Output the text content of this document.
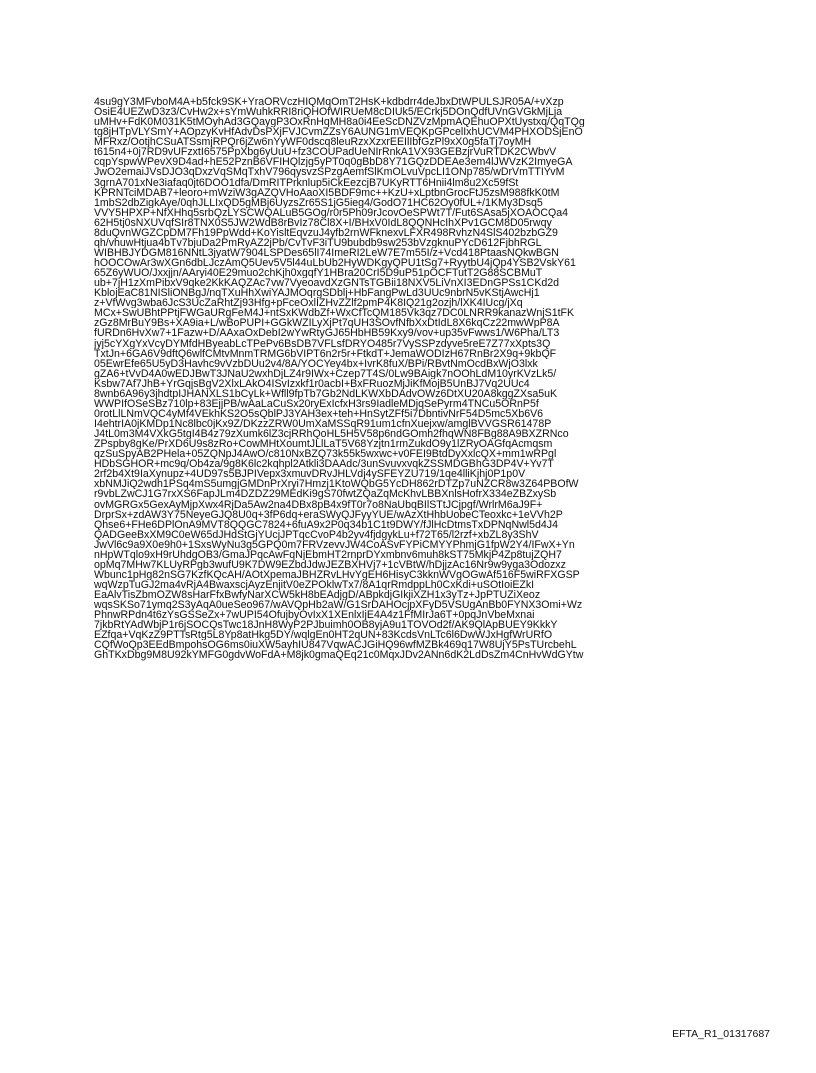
4su9gY3MFvboM4A+b5fck9SK+YraORVczHIQMqOmT2HsK+kdbdrr4deJbxDtWPULSJR05A/+vXzp
OsiE4UEZwD3z3/CvHw2x+sYmWuhkRRI8riQHOfWIRUeM8cDIUk5/ECrkj5DOnQdfUVnGVGkMjLja
uMHv+FdK0M031K5tMOyhAd3GQaygP3OxRnHqMH8a0i4EeScDNZVzMpmAQEhuOPXtUystxq/QqTQg
tg8jHTpVLYSmY+AOpzyKvHfAdvDsPXjFVJCvmZZsY6AUNG1mVEQKpGPcelIxhUCVM4PHXODSjEnO
MFRxz/OotjhCSuATSsmjRPQr6jZw6nYyWF0dscq8leuRzxXzxrEEIlIbfGzPl9xX0g5faTj7oyMH
t615n4+0j7RD9vUFzxtI6575PpXbg6yUuU+fz3COUPadUeNIrRnkA1VX93GEBzjrVuRTDK2CWbvV
cqpYspwWPevX9D4ad+hE52PznB6VFIHQlzjg5yPT0q0gBbD8Y71GQzDDEAe3em4lJWVzK2ImyeGA
JwO2emaiJVsDJO3qDxzVqSMqTxhV796qysvzSPzgAemfSlKmOLvuVpcLI1ONp785/wDrVmTTIYvM
3grnA701xNe3iafaq0jt6DOO1dfa/DmRITPrknlup5iCkEezcjB7UKyRTT6Hnii4lm8u2Xc59fSt
KPRNTciMDAB7+leoro+mWziW3gAZQVHoAaoXI5BDF9mc++KzU+xLptbnGrocFtJ5zsM988fkK0tM
1mbS2dbZigkAye/0qhJLLIxQD5gMBj6UyzsZr65S1jG5ieg4/GodO71HC62Oy0fUL+/1KMy3Dsq5
VVY5HPXP+NfXHhq5srbQzLYSCWQALuB5GOg/r0r5Ph09rJcovOeSPWt7T/Fut6SAsa5jXOAOCQa4
62H5tj0sNXUVqfSIr8TNX0S5JW2WdB8rBvIz78Cl8X+I/BHxV0IdL8QQNHcIhXPv1GCM8D05rwqy
8duQvnWGZCpDM7Fh19PpWdd+KoYisltEqvzuJ4yfb2rnWFknexvLFXR498RvhzN4SlS402bzbGZ9
qh/vhuwHtjua4bTv7bjuDa2PmRyAZ2jPb/CvTvF3iTU9bubdb9sw253bVzgknuPYcD612FjbhRGL
WIBHBJYDGM816NNtL3jyatW7904LSPDes65lI74ImeRI2LeW7E7m55I/z+Vcd418PtaasNQkwBGN
hOOCOwAr3wXGn6dbLJczAmQ5Uev5V5l44uLbUb2HyWDKgyQPU1tSg7+RyytbU4jQp4YSB2VskY61
65Z6yWUO/Jxxjjn/AAryi40E29muo2chKjh0xgqfY1HBra20CrI5D9uP51pOCFTutT2G88SCBMuT
ub+7jH1zXmPibxV9qke2KkKAQZAc7vw7VyeoavdXzGNTsTGBii18NXV5LiVnXI3EDnGPSs1CKd2d
KblojEaC81NISliONBgJ/nqTXuHhXwiYAJMOqrgSDblj+HbFangPwLd3UUc9nbrN5vKStjAwcHj1
z+VfWvg3wba6JcS3UcZaRhtZj93Hfg+pFceOxlIZHvZZlf2pmP4K8IQ21g2ozjh/lXK4IUcg/jXq
MCx+SwUBhtPPtjFWGaURgFeM4J+ntSxKWdbZf+WxCfTcQM185Vk3qz7DC0LNRR9kanazWnjS1tFK
zGz8MrBuY9Bs+XA9ia+L/wBoPUPI+GGkWZILyXjPt7qUH3SOvfNfbXxDtIdL8X6kqCz22mwWpP8A
fURDn6HvXw7+1Fazw+D/AAxaOxDebI2wYwRtyGJ65HbHB59Kxy9/vov+up35vFwws1/W6Pha/LT3
jyj5cYXgYxVcyDYMfdHByeabLcTPePv6BsDB7VFLsfDRYO485r7VySSPzdyve5reE7Z77xXpts3Q
TxtJn+6GA6V9dftQ6wlfCMtvMnmTRMG6bVIPT6n2r5r+FtkdT+JemaWODIzH67RnBr2X9q+9kbQF
05EwrEfe65U5yD3Havhc9vVzbDUu2v4/8A/YOCYey4bx+IvrK8fuX/BPi/RBvtNmOcdBxWjO3lxk
gZA6+tVvD4A0wEDJBwT3JNaU2wxhDjLZ4r9IWx+Czep7T4S/0Lw9BAigk7nOOhLdM10yrKVzLk5/
Ksbw7Af7JhB+YrGqjsBgV2XlxLAkO4ISvIzxkf1r0acbI+BxFRuozMjJiKfMojB5UnBJ7Vq2UUc4
8wnb6A96y3jhdtpIJHANXLS1bCyLk+Wfll9fpTb7Gb2NdLKWXbDAdvOWz6DtXU20A8kggZXsa5uK
WWPIfOSeSBz710lp+83EjjPB/wAaLaCuSx20ryExIcfxH3rs9IadleMDjqSePyrm4TNCu5ORnP5f
0rotLlLNmVQC4yMf4VEkhKS2O5sQblPJ3YAH3ex+teh+HnSytZFf5i7DbntivNrF54D5mc5Xb6V6
I4ehtrIA0jKMDp1Nc8lbc0jKx9Z/DKzzZRW0UmXaMSSqR91um1cfnXuejxw/amglBVVGSR61478P
J4tL0m3M4VXkG5tgI4B4z79zXumk6lZ3cjRRhQoHL5H5V58p6ndGOmh2fhqWN8FBg88A9BXZRNco
ZPspby8gKe/PrXD6U9s8zRo+CowMHtXoumtJLlLaT5V68Yzjtn1rmZukdO9y1lZRyOAGfqAcmqsm
qzSuSpyAB2PHela+05ZQNpJ4AwO/c810NxBZQ73k55k5wxwc+v0FEI9BtdDyXxlcQX+mm1wRPgl
HDbSGHOR+mc9q/Ob4za/9g8K6lc2kqhpl2Atkli3DAAdc/3unSvuvxvqkZSSMDGBhG3DP4V+Yv7T
2rf2b4Xt9IaXynupz+4UD97s5BJPIVepx3xmuvDRvJHLVdj4ySFEYZU719/1qe4lliKjhj0P1p0V
xbNMJiQ2wdh1PSq4mS5umgjGMDnPrXryi7Hmzj1KtoWQbG5YcDH862rDTZp7uNZCR8w3Z64PBOfW
r9vbLZwCJ1G7rxXS6FapJLm4DZDZ29MEdKi9gS70fwtZQaZqMcKhvLBBXnlsHofrX334eZBZxySb
ovMGRGx5GexAyMjpXwx4RjDa5Aw2na4DBx8pB4x9fT0r7o8NaUbqBIlSTtJCjpgf/WrlrM6aJ9F+
DrprSx+zdAW3Y75NeyeGJQ8U0q+3fP6dq+eraSWyQJFyyYUE/wAzXtHhbUobeCTeoxkc+1eVVh2P
Qhse6+FHe6DPlOnA9MVT8QQGC7824+6fuA9x2P0q34b1C1t9DWY/fJlHcDtmsTxDPNqNwl5d4J4
QADGeeBxXM9C0eW65dJHdStGjYUcjJPTqcCvoP4b2yv4fjdgykLu+f72T65/l2rzf+xbZL8y3ShV
JwVl6c9a9X0e9h0+1SxsWyNu3g5GPQ0m7FRVzevvJW4CoASvFYPiCMYYPhmjG1fpW2Y4/IFwX+Yn
nHpWTqlo9xH9rUhdgOB3/GmaJPqcAwFqNjEbmHT2rnprDYxmbnv6muh8kST75MkjP4Zp8tujZQH7
opMq7MHw7KLUyRPgb3wufU9K7DW9EZbdJdwJEZBXHVj7+1cVBtW/hDjjzAc16Nr9w9yga3Odozxz
Wbunc1pHg82nSG7KzfKQcAH/AOtXpemaJBHZRvLHvYgEH6HisyC3kknWVgOGwAf516F5wiRFXGSP
wqWzpTuGJ2ma4vRjA4BwaxscjAyzEnjitV0eZPOklwTx7/8A1qrRmdppLh0CxKdi+uSOtIoiEZkI
EaAlvTisZbmOZW8sHarFfxBwfyNarXCW5kH8bEAdjgD/ABpkdjGIkjiXZH1x3yTz+JpPTUZiXeoz
wqsSKSo71ymq2S3yAqA0ueSeo967/wAVQpHb2aW/G1SrDAHOcjpXFyD5VSUgAnBb0FYNX3Omi+Wz
PhnwRPdn4t6zYsGSSeZx+7wUPI54OfujbyOvIxX1XEnlxIjE4A4z1FfMIrJa6T+0pqJnVbeMxnai
7jkbRtYAdWbjP1r6jSOCQsTwc18JnH8WyP2PJbuimh0OB8yjA9u1TOVOd2f/AK9QlApBUEY9KkkY
EZfqa+VqKzZ9PTTsRtg5L8Yp8atHkg5DY/wqlgEn0HT2qUN+83KcdsVnLTc6l6DwWJxHgfWrURfO
CQfWoQp3EEdBmpohsOG6ms0iuXW5ayhIU847VqwACJGiHQ96wfMZBk469q17W8UjY5PsTUrcbehL
GhTKxDbg9M8U92kYMFG0gdvWoFdA+M8jk0gmaQEq21c0MqxJDv2ANn6dK2LdDsZm4CnHvWdGYtw
EFTA_R1_01317687
